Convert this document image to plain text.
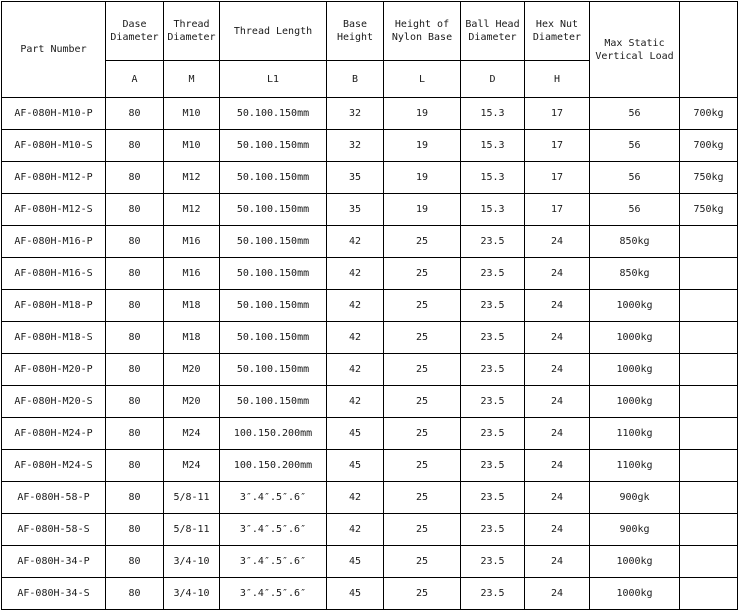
Part Number	Dase Diameter	Thread Diameter	Thread Length	Base Height	Height of Nylon Base	Ball Head Diameter	Hex Nut Diameter	Max Static Vertical Load	
	A	M	L1	B	L	D	H		
AF-080H-M10-P	80	M10	50.100.150mm	32	19	15.3	17	56	700kg
AF-080H-M10-S	80	M10	50.100.150mm	32	19	15.3	17	56	700kg
AF-080H-M12-P	80	M12	50.100.150mm	35	19	15.3	17	56	750kg
AF-080H-M12-S	80	M12	50.100.150mm	35	19	15.3	17	56	750kg
AF-080H-M16-P	80	M16	50.100.150mm	42	25	23.5	24	850kg	
AF-080H-M16-S	80	M16	50.100.150mm	42	25	23.5	24	850kg	
AF-080H-M18-P	80	M18	50.100.150mm	42	25	23.5	24	1000kg	
AF-080H-M18-S	80	M18	50.100.150mm	42	25	23.5	24	1000kg	
AF-080H-M20-P	80	M20	50.100.150mm	42	25	23.5	24	1000kg	
AF-080H-M20-S	80	M20	50.100.150mm	42	25	23.5	24	1000kg	
AF-080H-M24-P	80	M24	100.150.200mm	45	25	23.5	24	1100kg	
AF-080H-M24-S	80	M24	100.150.200mm	45	25	23.5	24	1100kg	
AF-080H-58-P	80	5/8-11	3″.4″.5″.6″	42	25	23.5	24	900gk	
AF-080H-58-S	80	5/8-11	3″.4″.5″.6″	42	25	23.5	24	900kg	
AF-080H-34-P	80	3/4-10	3″.4″.5″.6″	45	25	23.5	24	1000kg	
AF-080H-34-S	80	3/4-10	3″.4″.5″.6″	45	25	23.5	24	1000kg	
